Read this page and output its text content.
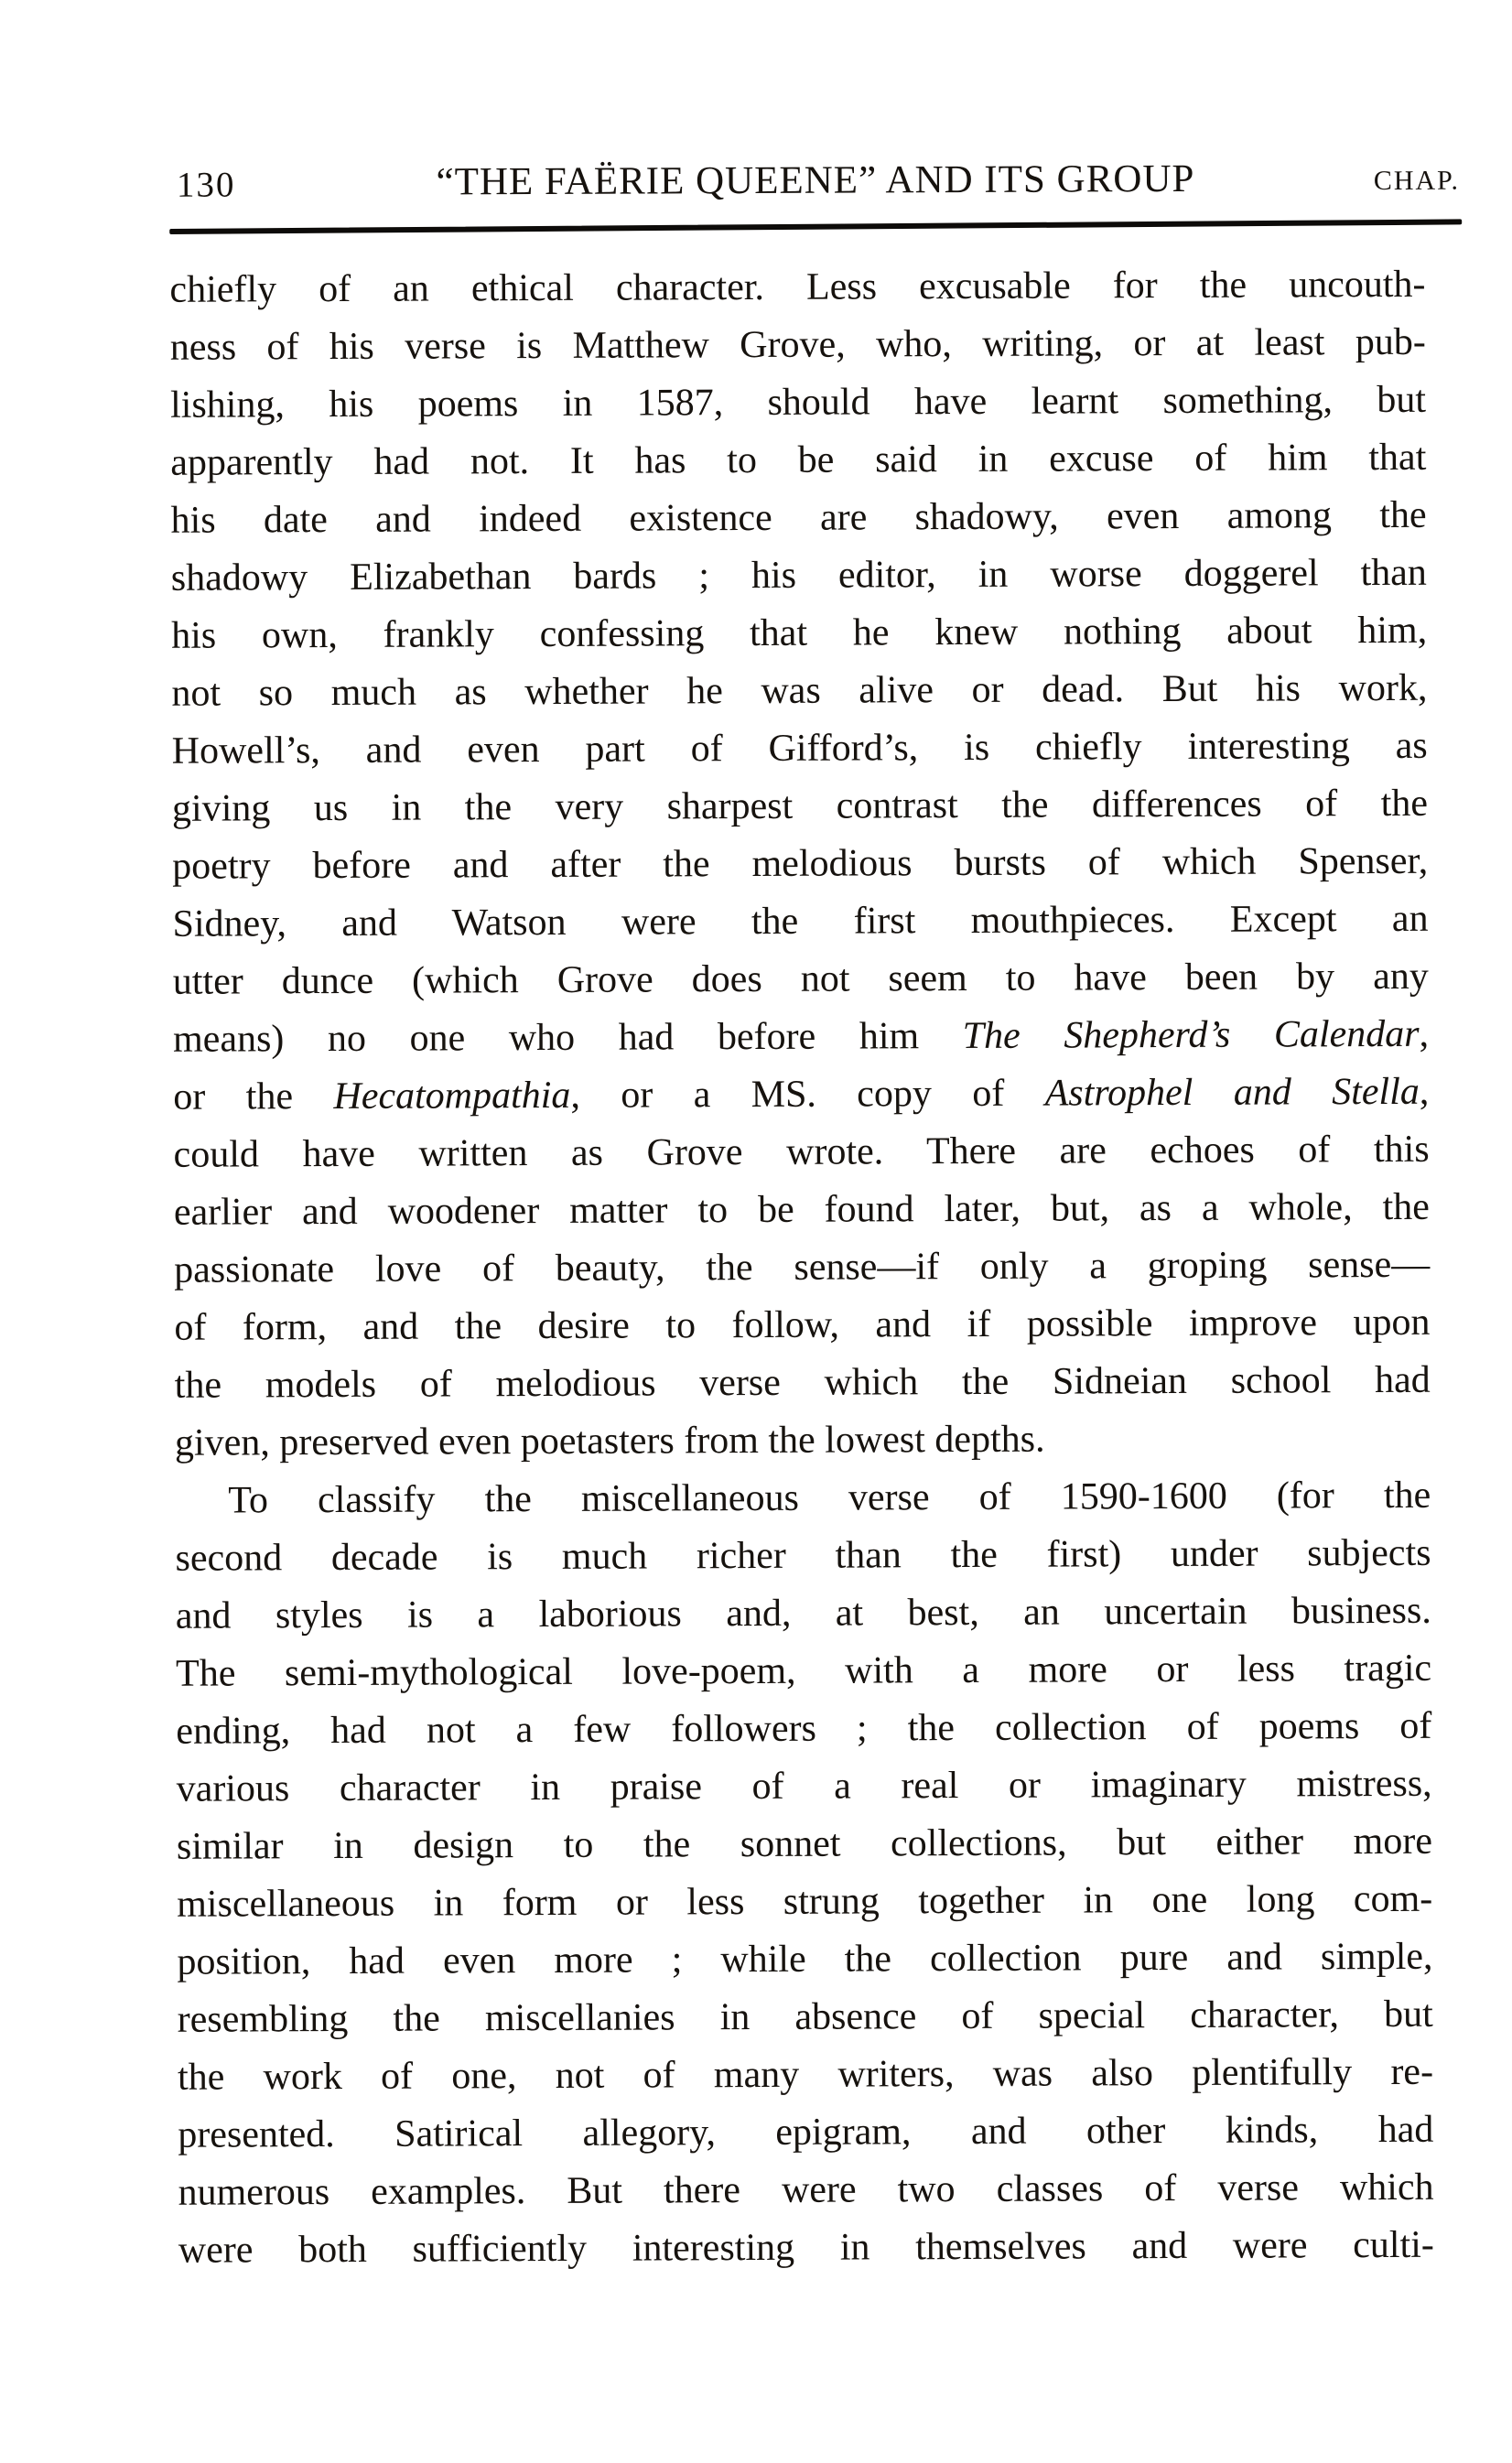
130	“THE FAËRIE QUEENE” AND ITS GROUP	CHAP.
chiefly of an ethical character. Less excusable for the uncouth-
ness of his verse is Matthew Grove, who, writing, or at least pub-
lishing, his poems in 1587, should have learnt something, but
apparently had not. It has to be said in excuse of him that
his date and indeed existence are shadowy, even among the
shadowy Elizabethan bards ; his editor, in worse doggerel than
his own, frankly confessing that he knew nothing about him,
not so much as whether he was alive or dead. But his work,
Howell’s, and even part of Gifford’s, is chiefly interesting as
giving us in the very sharpest contrast the differences of the
poetry before and after the melodious bursts of which Spenser,
Sidney, and Watson were the first mouthpieces. Except an
utter dunce (which Grove does not seem to have been by any
means) no one who had before him The Shepherd’s Calendar,
or the Hecatompathia, or a MS. copy of Astrophel and Stella,
could have written as Grove wrote. There are echoes of this
earlier and woodener matter to be found later, but, as a whole, the
passionate love of beauty, the sense—if only a groping sense—
of form, and the desire to follow, and if possible improve upon
the models of melodious verse which the Sidneian school had
given, preserved even poetasters from the lowest depths.
To classify the miscellaneous verse of 1590-1600 (for the
second decade is much richer than the first) under subjects
and styles is a laborious and, at best, an uncertain business.
The semi-mythological love-poem, with a more or less tragic
ending, had not a few followers ; the collection of poems of
various character in praise of a real or imaginary mistress,
similar in design to the sonnet collections, but either more
miscellaneous in form or less strung together in one long com-
position, had even more ; while the collection pure and simple,
resembling the miscellanies in absence of special character, but
the work of one, not of many writers, was also plentifully re-
presented. Satirical allegory, epigram, and other kinds, had
numerous examples. But there were two classes of verse which
were both sufficiently interesting in themselves and were culti-
